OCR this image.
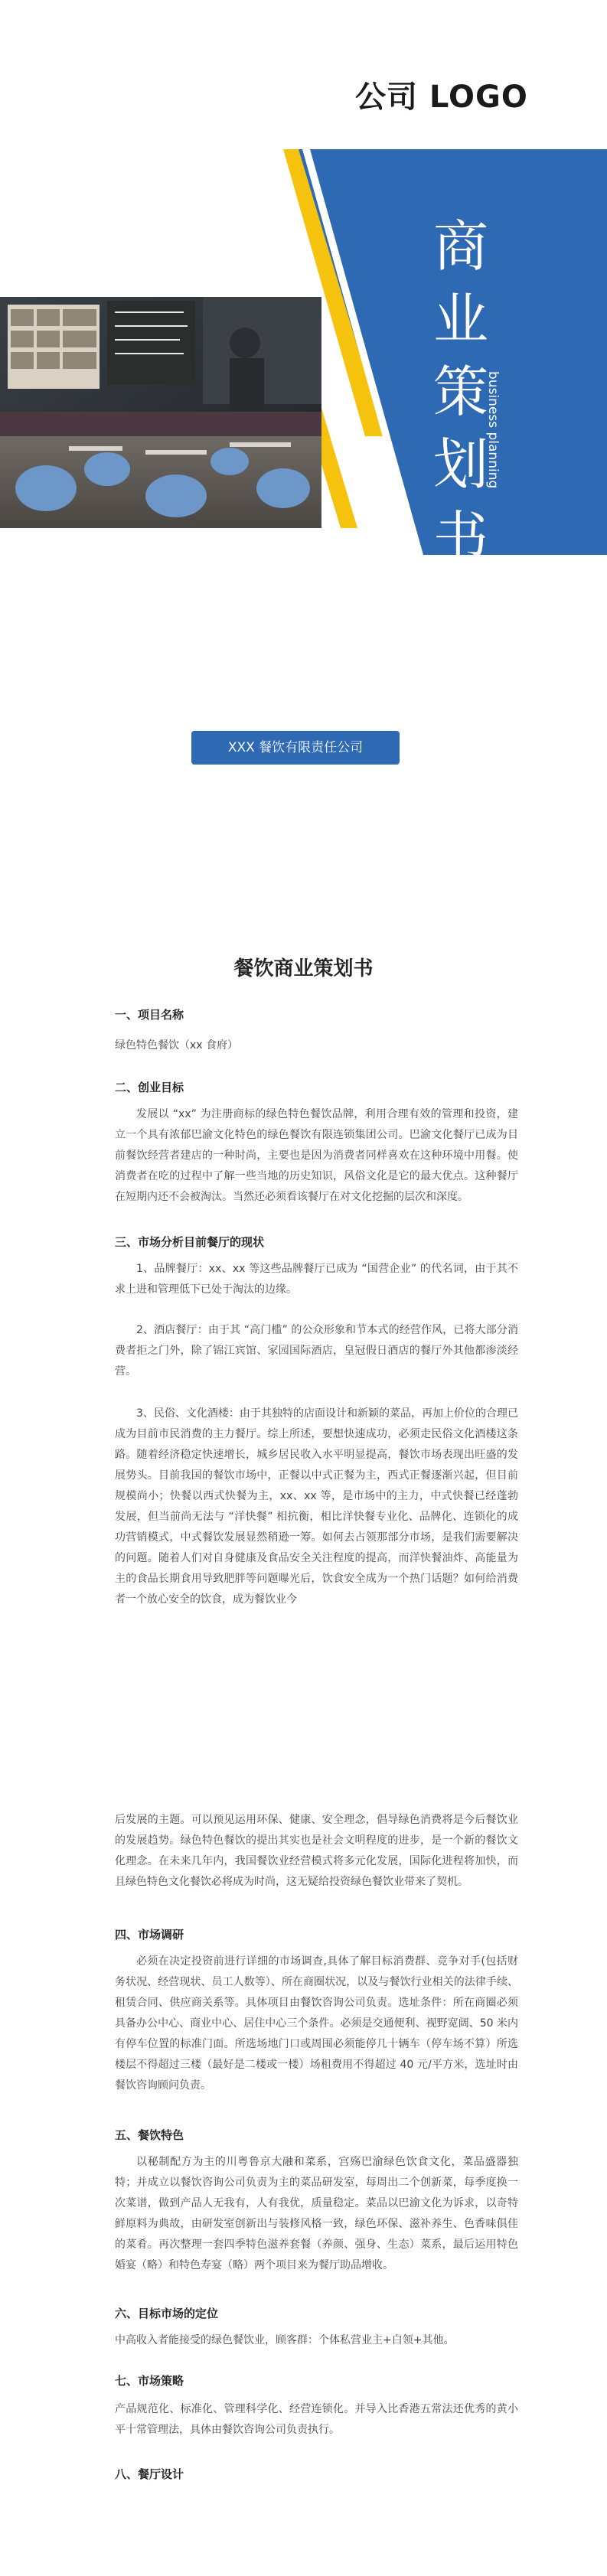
公司 LOGO
商
业
策
划
书
business planning
XXX 餐饮有限责任公司
餐饮商业策划书
一、项目名称
绿色特色餐饮（xx 食府）
二、创业目标
发展以 “xx” 为注册商标的绿色特色餐饮品牌，利用合理有效的管理和投资，建立一个具有浓郁巴渝文化特色的绿色餐饮有限连锁集团公司。巴渝文化餐厅已成为目前餐饮经营者建店的一种时尚，主要也是因为消费者同样喜欢在这种环境中用餐。使消费者在吃的过程中了解一些当地的历史知识，风俗文化是它的最大优点。这种餐厅在短期内还不会被淘汰。当然还必须看该餐厅在对文化挖掘的层次和深度。
三、市场分析目前餐厅的现状
1、品牌餐厅：xx、xx 等这些品牌餐厅已成为 “国营企业” 的代名词，由于其不求上进和管理低下已处于淘汰的边缘。
2、酒店餐厅：由于其 “高门槛” 的公众形象和节本式的经营作风，已将大部分消费者拒之门外，除了锦江宾馆、家园国际酒店，皇冠假日酒店的餐厅外其他都渗淡经营。
3、民俗、文化酒楼：由于其独特的店面设计和新颖的菜品，再加上价位的合理已成为目前市民消费的主力餐厅。综上所述，要想快速成功，必须走民俗文化酒楼这条路。随着经济稳定快速增长，城乡居民收入水平明显提高，餐饮市场表现出旺盛的发展势头。目前我国的餐饮市场中，正餐以中式正餐为主，西式正餐逐渐兴起，但目前规模尚小；快餐以西式快餐为主，xx、xx 等，是市场中的主力，中式快餐已经蓬勃发展，但当前尚无法与 “洋快餐” 相抗衡，相比洋快餐专业化、品牌化、连锁化的成功营销模式，中式餐饮发展显然稍逊一筹。如何去占领那部分市场，是我们需要解决的问题。随着人们对自身健康及食品安全关注程度的提高，而洋快餐油炸、高能量为主的食品长期食用导致肥胖等问题曝光后，饮食安全成为一个热门话题？如何给消费者一个放心安全的饮食，成为餐饮业今
后发展的主题。可以预见运用环保、健康、安全理念，倡导绿色消费将是今后餐饮业的发展趋势。绿色特色餐饮的提出其实也是社会文明程度的进步，是一个新的餐饮文化理念。在未来几年内，我国餐饮业经营模式将多元化发展，国际化进程将加快，而且绿色特色文化餐饮必将成为时尚，这无疑给投资绿色餐饮业带来了契机。
四、市场调研
必须在决定投资前进行详细的市场调查,具体了解目标消费群、竞争对手(包括财务状况、经营现状、员工人数等）、所在商圈状况，以及与餐饮行业相关的法律手续、租赁合同、供应商关系等。具体项目由餐饮咨询公司负责。选址条件：所在商圈必须具备办公中心、商业中心、居住中心三个条件。必须是交通便利、视野宽阔、50 米内有停车位置的标准门面。所选场地门口或周围必须能停几十辆车（停车场不算）所选楼层不得超过三楼（最好是二楼或一楼）场租费用不得超过 40 元/平方米，选址时由餐饮咨询顾问负责。
五、餐饮特色
以秘制配方为主的川粤鲁京大融和菜系，宫殇巴渝绿色饮食文化，菜品盛器独特；并成立以餐饮咨询公司负责为主的菜品研发室，每周出二个创新菜，每季度换一次菜谱，做到产品人无我有，人有我优，质量稳定。菜品以巴渝文化为诉求，以奇特鲜原料为典故，由研发室创新出与装修风格一致，绿色环保、滋补养生、色香味俱佳的菜肴。再次整理一套四季特色滋养套餐（养颜、强身、生态）菜系，最后运用特色婚宴（略）和特色寿宴（略）两个项目来为餐厅助品增收。
六、目标市场的定位
中高收入者能接受的绿色餐饮业，顾客群：个体私营业主+白领+其他。
七、市场策略
产品规范化、标准化、管理科学化、经营连锁化。并导入比香港五常法还优秀的黄小平十常管理法，具体由餐饮咨询公司负责执行。
八、餐厅设计
